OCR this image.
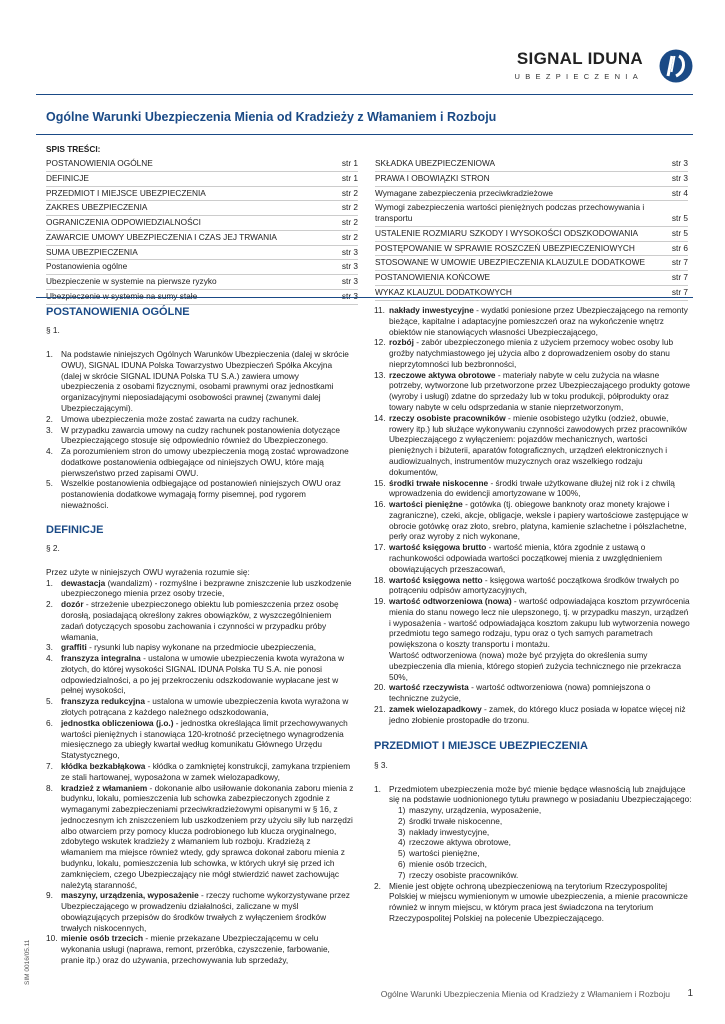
SIGNAL IDUNA
UBEZPIECZENIA
Ogólne Warunki Ubezpieczenia Mienia od Kradzieży z Włamaniem i Rozboju
SPIS TREŚCI:
POSTANOWIENIA OGÓLNE	str 1
DEFINICJE	str 1
PRZEDMIOT I MIEJSCE UBEZPIECZENIA	str 2
ZAKRES UBEZPIECZENIA	str 2
OGRANICZENIA ODPOWIEDZIALNOŚCI	str 2
ZAWARCIE UMOWY UBEZPIECZENIA I CZAS JEJ TRWANIA	str 2
SUMA UBEZPIECZENIA	str 3
Postanowienia ogólne	str 3
Ubezpieczenie w systemie na pierwsze ryzyko	str 3
SKŁADKA UBEZPIECZENIOWA	str 3
PRAWA I OBOWIĄZKI STRON	str 3
Wymagane zabezpieczenia przeciwkradzieżowe	str 4
Wymogi zabezpieczenia wartości pieniężnych podczas przechowywania i transportu	str 5
USTALENIE ROZMIARU SZKODY I WYSOKOŚCI ODSZKODOWANIA	str 5
POSTĘPOWANIE W SPRAWIE ROSZCZEŃ UBEZPIECZENIOWYCH	str 6
STOSOWANE W UMOWIE UBEZPIECZENIA KLAUZULE DODATKOWE	str 7
POSTANOWIENIA KOŃCOWE	str 7
WYKAZ KLAUZUL DODATKOWYCH	str 7
POSTANOWIENIA OGÓLNE
§ 1.
1. Na podstawie niniejszych Ogólnych Warunków Ubezpieczenia (dalej w skrócie OWU), SIGNAL IDUNA Polska Towarzystwo Ubezpieczeń Spółka Akcyjna (dalej w skrócie SIGNAL IDUNA Polska TU S.A.) zawiera umowy ubezpieczenia z osobami fizycznymi, osobami prawnymi oraz jednostkami organizacyjnymi nieposiadającymi osobowości prawnej (zwanymi dalej Ubezpieczającymi).
2. Umowa ubezpieczenia może zostać zawarta na cudzy rachunek.
3. W przypadku zawarcia umowy na cudzy rachunek postanowienia dotyczące Ubezpieczającego stosuje się odpowiednio również do Ubezpieczonego.
4. Za porozumieniem stron do umowy ubezpieczenia mogą zostać wprowadzone dodatkowe postanowienia odbiegające od niniejszych OWU, które mają pierwszeństwo przed zapisami OWU.
5. Wszelkie postanowienia odbiegające od postanowień niniejszych OWU oraz postanowienia dodatkowe wymagają formy pisemnej, pod rygorem nieważności.
DEFINICJE
§ 2.
Przez użyte w niniejszych OWU wyrażenia rozumie się:
1. dewastacja (wandalizm) - rozmyślne i bezprawne zniszczenie lub uszkodzenie ubezpieczonego mienia przez osoby trzecie,
2. dozór - strzeżenie ubezpieczonego obiektu lub pomieszczenia przez osobę dorosłą, posiadającą określony zakres obowiązków, z wyszczególnieniem zadań dotyczących sposobu zachowania i czynności w przypadku próby włamania,
3. graffiti - rysunki lub napisy wykonane na przedmiocie ubezpieczenia,
4. franszyza integralna - ustalona w umowie ubezpieczenia kwota wyrażona w złotych, do której wysokości SIGNAL IDUNA Polska TU S.A. nie ponosi odpowiedzialności, a po jej przekroczeniu odszkodowanie wypłacane jest w pełnej wysokości,
5. franszyza redukcyjna - ustalona w umowie ubezpieczenia kwota wyrażona w złotych potrącana z każdego należnego odszkodowania,
6. jednostka obliczeniowa (j.o.) - jednostka określająca limit przechowywanych wartości pieniężnych i stanowiąca 120-krotność przeciętnego wynagrodzenia miesięcznego za ubiegły kwartał według komunikatu Głównego Urzędu Statystycznego,
7. kłódka bezkabłąkowa - kłódka o zamkniętej konstrukcji, zamykana trzpieniem ze stali hartowanej, wyposażona w zamek wielozapadkowy,
8. kradzież z włamaniem - dokonanie albo usiłowanie dokonania zaboru mienia z budynku, lokalu, pomieszczenia lub schowka zabezpieczonych zgodnie z wymaganymi zabezpieczeniami przeciwkradzieżowymi opisanymi w § 16, z jednoczesnym ich zniszczeniem lub uszkodzeniem przy użyciu siły lub narzędzi albo otwarciem przy pomocy klucza podrobionego lub klucza oryginalnego, zdobytego wskutek kradzieży z włamaniem lub rozboju. Kradzieżą z włamaniem ma miejsce również wtedy, gdy sprawca dokonał zaboru mienia z budynku, lokalu, pomieszczenia lub schowka, w których ukrył się przed ich zamknięciem, czego Ubezpieczający nie mógł stwierdzić nawet zachowując należytą staranność,
9. maszyny, urządzenia, wyposażenie - rzeczy ruchome wykorzystywane przez Ubezpieczającego w prowadzeniu działalności, zaliczane w myśl obowiązujących przepisów do środków trwałych z wyłączeniem środków trwałych niskocennych,
10. mienie osób trzecich - mienie przekazane Ubezpieczającemu w celu wykonania usługi (naprawa, remont, przeróbka, czyszczenie, farbowanie, pranie itp.) oraz do używania, przechowywania lub sprzedaży,
11. nakłady inwestycyjne - wydatki poniesione przez Ubezpieczającego na remonty bieżące, kapitalne i adaptacyjne pomieszczeń oraz na wykończenie wnętrz obiektów nie stanowiących własności Ubezpieczającego,
12. rozbój - zabór ubezpieczonego mienia z użyciem przemocy wobec osoby lub groźby natychmiastowego jej użycia albo z doprowadzeniem osoby do stanu nieprzytomności lub bezbronności,
13. rzeczowe aktywa obrotowe - materiały nabyte w celu zużycia na własne potrzeby, wytworzone lub przetworzone przez Ubezpieczającego produkty gotowe (wyroby i usługi) zdatne do sprzedaży lub w toku produkcji, półprodukty oraz towary nabyte w celu odsprzedania w stanie nieprzetworzonym,
14. rzeczy osobiste pracowników - mienie osobistego użytku (odzież, obuwie, rowery itp.) lub służące wykonywaniu czynności zawodowych przez pracowników Ubezpieczającego z wyłączeniem: pojazdów mechanicznych, wartości pieniężnych i biżuterii, aparatów fotograficznych, urządzeń elektronicznych i audiowizualnych, instrumentów muzycznych oraz wszelkiego rodzaju dokumentów,
15. środki trwałe niskocenne - środki trwałe użytkowane dłużej niż rok i z chwilą wprowadzenia do ewidencji amortyzowane w 100%,
16. wartości pieniężne - gotówka (tj. obiegowe banknoty oraz monety krajowe i zagraniczne), czeki, akcje, obligacje, weksle i papiery wartościowe zastępujące w obrocie gotówkę oraz złoto, srebro, platyna, kamienie szlachetne i półszlachetne, perły oraz wyroby z nich wykonane,
17. wartość księgowa brutto - wartość mienia, która zgodnie z ustawą o rachunkowości odpowiada wartości początkowej mienia z uwzględnieniem obowiązujących przeszacowań,
18. wartość księgowa netto - księgowa wartość początkowa środków trwałych po potrąceniu odpisów amortyzacyjnych,
19. wartość odtworzeniowa (nowa) - wartość odpowiadająca kosztom przywrócenia mienia do stanu nowego lecz nie ulepszonego, tj. w przypadku maszyn, urządzeń i wyposażenia - wartość odpowiadająca kosztom zakupu lub wytworzenia nowego przedmiotu tego samego rodzaju, typu oraz o tych samych parametrach powiększona o koszty transportu i montażu.
Wartość odtworzeniowa (nowa) może być przyjęta do określenia sumy ubezpieczenia dla mienia, którego stopień zużycia technicznego nie przekracza 50%,
20. wartość rzeczywista - wartość odtworzeniowa (nowa) pomniejszona o techniczne zużycie,
21. zamek wielozapadkowy - zamek, do którego klucz posiada w łopatce więcej niż jedno złobienie prostopadłe do trzonu.
PRZEDMIOT I MIEJSCE UBEZPIECZENIA
§ 3.
1. Przedmiotem ubezpieczenia może być mienie będące własnością lub znajdujące się na podstawie uodnionionego tytułu prawnego w posiadaniu Ubezpieczającego:
1) maszyny, urządzenia, wyposażenie,
2) środki trwałe niskocenne,
3) nakłady inwestycyjne,
4) rzeczowe aktywa obrotowe,
5) wartości pieniężne,
6) mienie osób trzecich,
7) rzeczy osobiste pracowników.
2. Mienie jest objęte ochroną ubezpieczeniową na terytorium Rzeczypospolitej Polskiej w miejscu wymienionym w umowie ubezpieczenia, a mienie pracownicze również w innym miejscu, w którym praca jest świadczona na terytorium Rzeczypospolitej Polskiej na polecenie Ubezpieczającego.
SIM 0016/05.11
Ogólne Warunki Ubezpieczenia Mienia od Kradzieży z Włamaniem i Rozboju 1
